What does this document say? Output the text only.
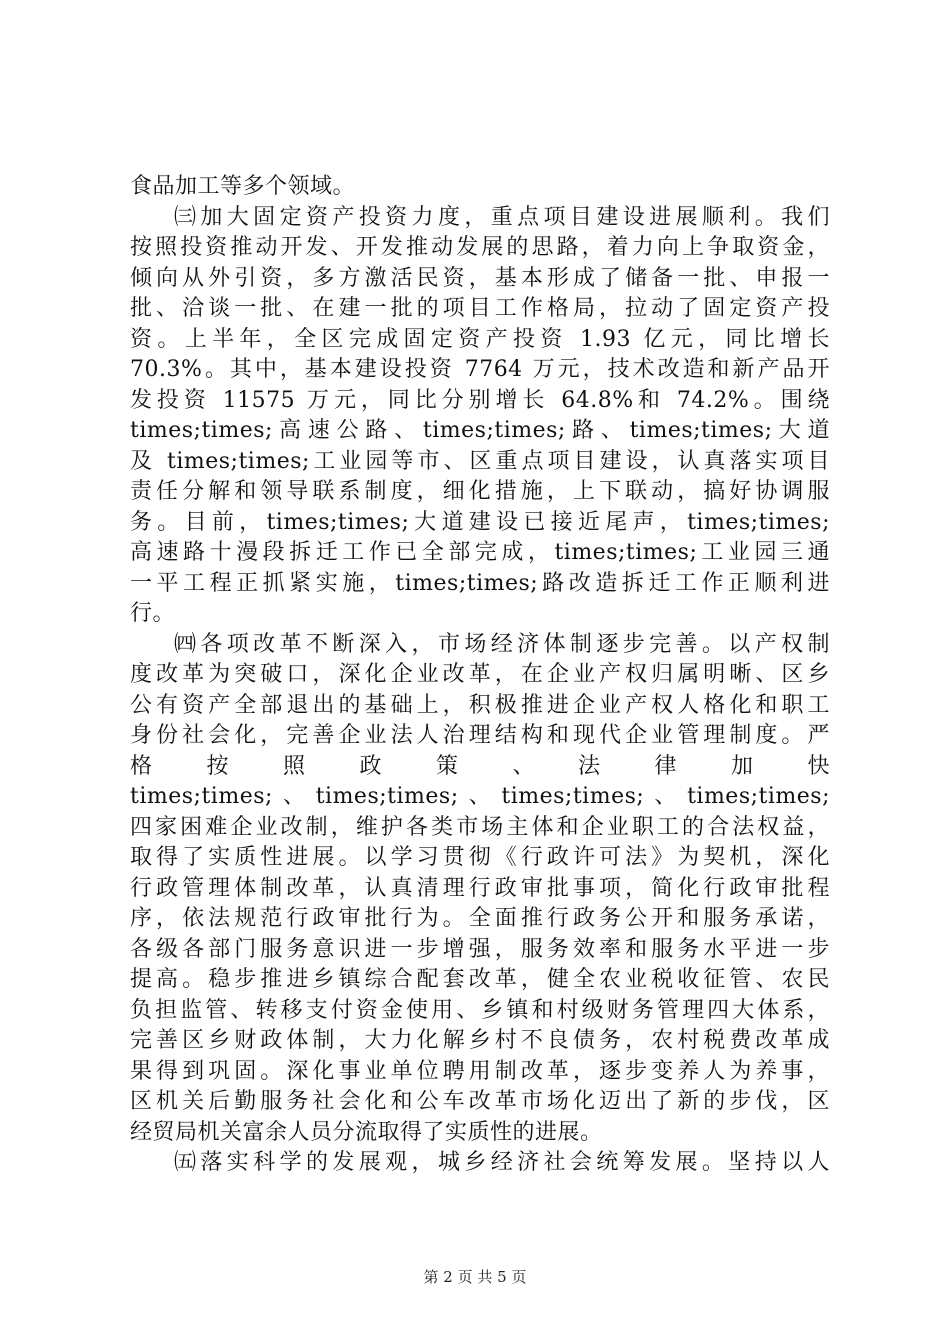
食品加工等多个领域。
㈢加大固定资产投资力度，重点项目建设进展顺利。我们
按照投资推动开发、开发推动发展的思路，着力向上争取资金，
倾向从外引资，多方激活民资，基本形成了储备一批、申报一
批、洽谈一批、在建一批的项目工作格局，拉动了固定资产投
资。上半年，全区完成固定资产投资 1.93 亿元，同比增长
70.3%。其中，基本建设投资 7764 万元，技术改造和新产品开
发投资 11575 万元，同比分别增长 64.8%和 74.2%。围绕
times;times;高速公路、times;times;路、times;times;大道
及 times;times;工业园等市、区重点项目建设，认真落实项目
责任分解和领导联系制度，细化措施，上下联动，搞好协调服
务。目前，times;times;大道建设已接近尾声，times;times;
高速路十漫段拆迁工作已全部完成，times;times;工业园三通
一平工程正抓紧实施，times;times;路改造拆迁工作正顺利进
行。
㈣各项改革不断深入，市场经济体制逐步完善。以产权制
度改革为突破口，深化企业改革，在企业产权归属明晰、区乡
公有资产全部退出的基础上，积极推进企业产权人格化和职工
身份社会化，完善企业法人治理结构和现代企业管理制度。严
格　　按　　照　　政　　策　　、　　法　　律　　加　　快
times;times;、times;times;、times;times;、times;times;
四家困难企业改制，维护各类市场主体和企业职工的合法权益，
取得了实质性进展。以学习贯彻《行政许可法》为契机，深化
行政管理体制改革，认真清理行政审批事项，简化行政审批程
序，依法规范行政审批行为。全面推行政务公开和服务承诺，
各级各部门服务意识进一步增强，服务效率和服务水平进一步
提高。稳步推进乡镇综合配套改革，健全农业税收征管、农民
负担监管、转移支付资金使用、乡镇和村级财务管理四大体系，
完善区乡财政体制，大力化解乡村不良债务，农村税费改革成
果得到巩固。深化事业单位聘用制改革，逐步变养人为养事，
区机关后勤服务社会化和公车改革市场化迈出了新的步伐，区
经贸局机关富余人员分流取得了实质性的进展。
㈤落实科学的发展观，城乡经济社会统筹发展。坚持以人
第 2 页 共 5 页
